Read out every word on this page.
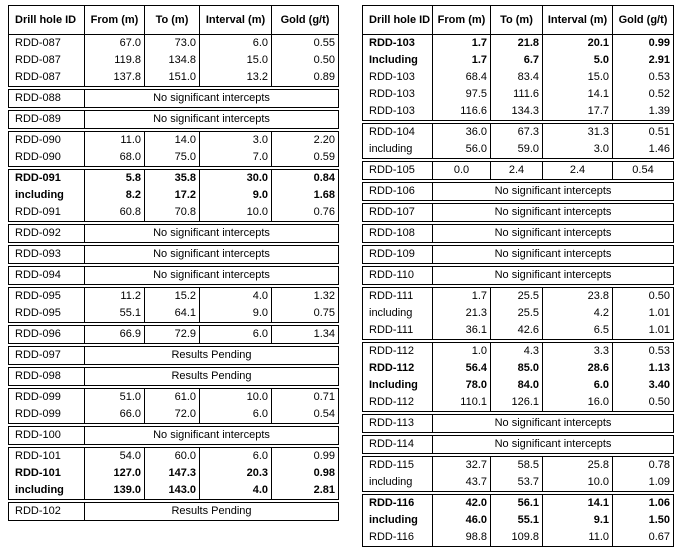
Drill hole ID	From (m)	To (m)	Interval (m)	Gold (g/t)
RDD-087	67.0	73.0	6.0	0.55
RDD-087	119.8	134.8	15.0	0.50
RDD-087	137.8	151.0	13.2	0.89

RDD-088	No significant intercepts			

RDD-089	No significant intercepts			

RDD-090	11.0	14.0	3.0	2.20
RDD-090	68.0	75.0	7.0	0.59

RDD-091	5.8	35.8	30.0	0.84
including	8.2	17.2	9.0	1.68
RDD-091	60.8	70.8	10.0	0.76

RDD-092	No significant intercepts			

RDD-093	No significant intercepts			

RDD-094	No significant intercepts			

RDD-095	11.2	15.2	4.0	1.32
RDD-095	55.1	64.1	9.0	0.75

RDD-096	66.9	72.9	6.0	1.34

RDD-097	Results Pending			

RDD-098	Results Pending			

RDD-099	51.0	61.0	10.0	0.71
RDD-099	66.0	72.0	6.0	0.54

RDD-100	No significant intercepts			

RDD-101	54.0	60.0	6.0	0.99
RDD-101	127.0	147.3	20.3	0.98
including	139.0	143.0	4.0	2.81

RDD-102	Results Pending			
Drill hole ID	From (m)	To (m)	Interval (m)	Gold (g/t)
RDD-103	1.7	21.8	20.1	0.99
Including	1.7	6.7	5.0	2.91
RDD-103	68.4	83.4	15.0	0.53
RDD-103	97.5	111.6	14.1	0.52
RDD-103	116.6	134.3	17.7	1.39

RDD-104	36.0	67.3	31.3	0.51
including	56.0	59.0	3.0	1.46

RDD-105	0.0	2.4	2.4	0.54

RDD-106	No significant intercepts			

RDD-107	No significant intercepts			

RDD-108	No significant intercepts			

RDD-109	No significant intercepts			

RDD-110	No significant intercepts			

RDD-111	1.7	25.5	23.8	0.50
including	21.3	25.5	4.2	1.01
RDD-111	36.1	42.6	6.5	1.01

RDD-112	1.0	4.3	3.3	0.53
RDD-112	56.4	85.0	28.6	1.13
Including	78.0	84.0	6.0	3.40
RDD-112	110.1	126.1	16.0	0.50

RDD-113	No significant intercepts			

RDD-114	No significant intercepts			

RDD-115	32.7	58.5	25.8	0.78
including	43.7	53.7	10.0	1.09

RDD-116	42.0	56.1	14.1	1.06
including	46.0	55.1	9.1	1.50
RDD-116	98.8	109.8	11.0	0.67
